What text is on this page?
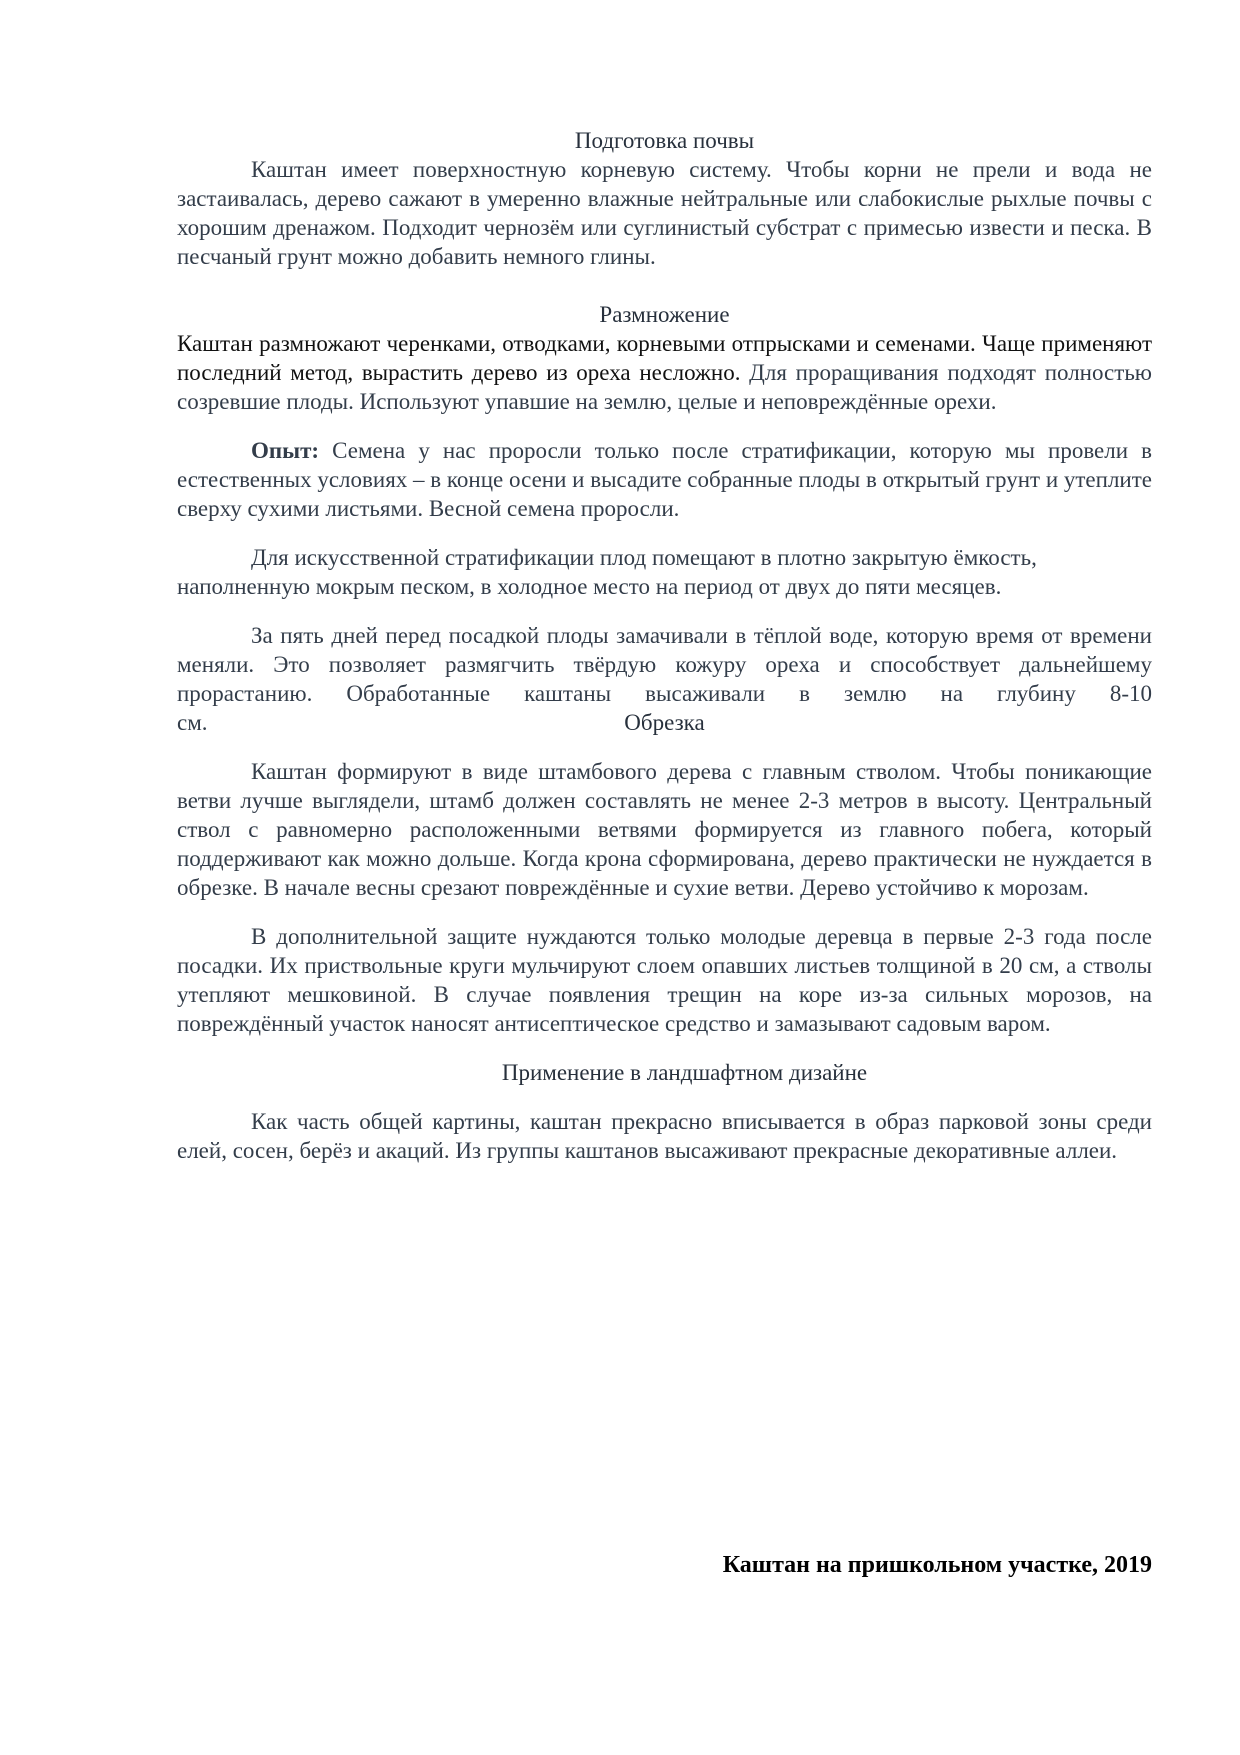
Подготовка почвы

Каштан имеет поверхностную корневую систему. Чтобы корни не прели и вода не застаивалась, дерево сажают в умеренно влажные нейтральные или слабокислые рыхлые почвы с хорошим дренажом. Подходит чернозём или суглинистый субстрат с примесью извести и песка. В песчаный грунт можно добавить немного глины.

Размножение

Каштан размножают черенками, отводками, корневыми отпрысками и семенами. Чаще применяют последний метод, вырастить дерево из ореха несложно. Для проращивания подходят полностью созревшие плоды. Используют упавшие на землю, целые и неповреждённые орехи.

Опыт: Семена у нас проросли только после стратификации, которую мы провели в естественных условиях – в конце осени и высадите собранные плоды в открытый грунт и утеплите сверху сухими листьями. Весной семена проросли.

Для искусственной стратификации плод помещают в плотно закрытую ёмкость, наполненную мокрым песком, в холодное место на период от двух до пяти месяцев.

За пять дней перед посадкой плоды замачивали в тёплой воде, которую время от времени меняли. Это позволяет размягчить твёрдую кожуру ореха и способствует дальнейшему прорастанию. Обработанные каштаны высаживали в землю на глубину 8-10

см.	Обрезка

Каштан формируют в виде штамбового дерева с главным стволом. Чтобы поникающие ветви лучше выглядели, штамб должен составлять не менее 2-3 метров в высоту. Центральный ствол с равномерно расположенными ветвями формируется из главного побега, который поддерживают как можно дольше. Когда крона сформирована, дерево практически не нуждается в обрезке. В начале весны срезают повреждённые и сухие ветви. Дерево устойчиво к морозам.

В дополнительной защите нуждаются только молодые деревца в первые 2-3 года после посадки. Их приствольные круги мульчируют слоем опавших листьев толщиной в 20 см, а стволы утепляют мешковиной. В случае появления трещин на коре из-за сильных морозов, на повреждённый участок наносят антисептическое средство и замазывают садовым варом.

Применение в ландшафтном дизайне

Как часть общей картины, каштан прекрасно вписывается в образ парковой зоны среди елей, сосен, берёз и акаций. Из группы каштанов высаживают прекрасные декоративные аллеи.

Каштан на пришкольном участке, 2019
